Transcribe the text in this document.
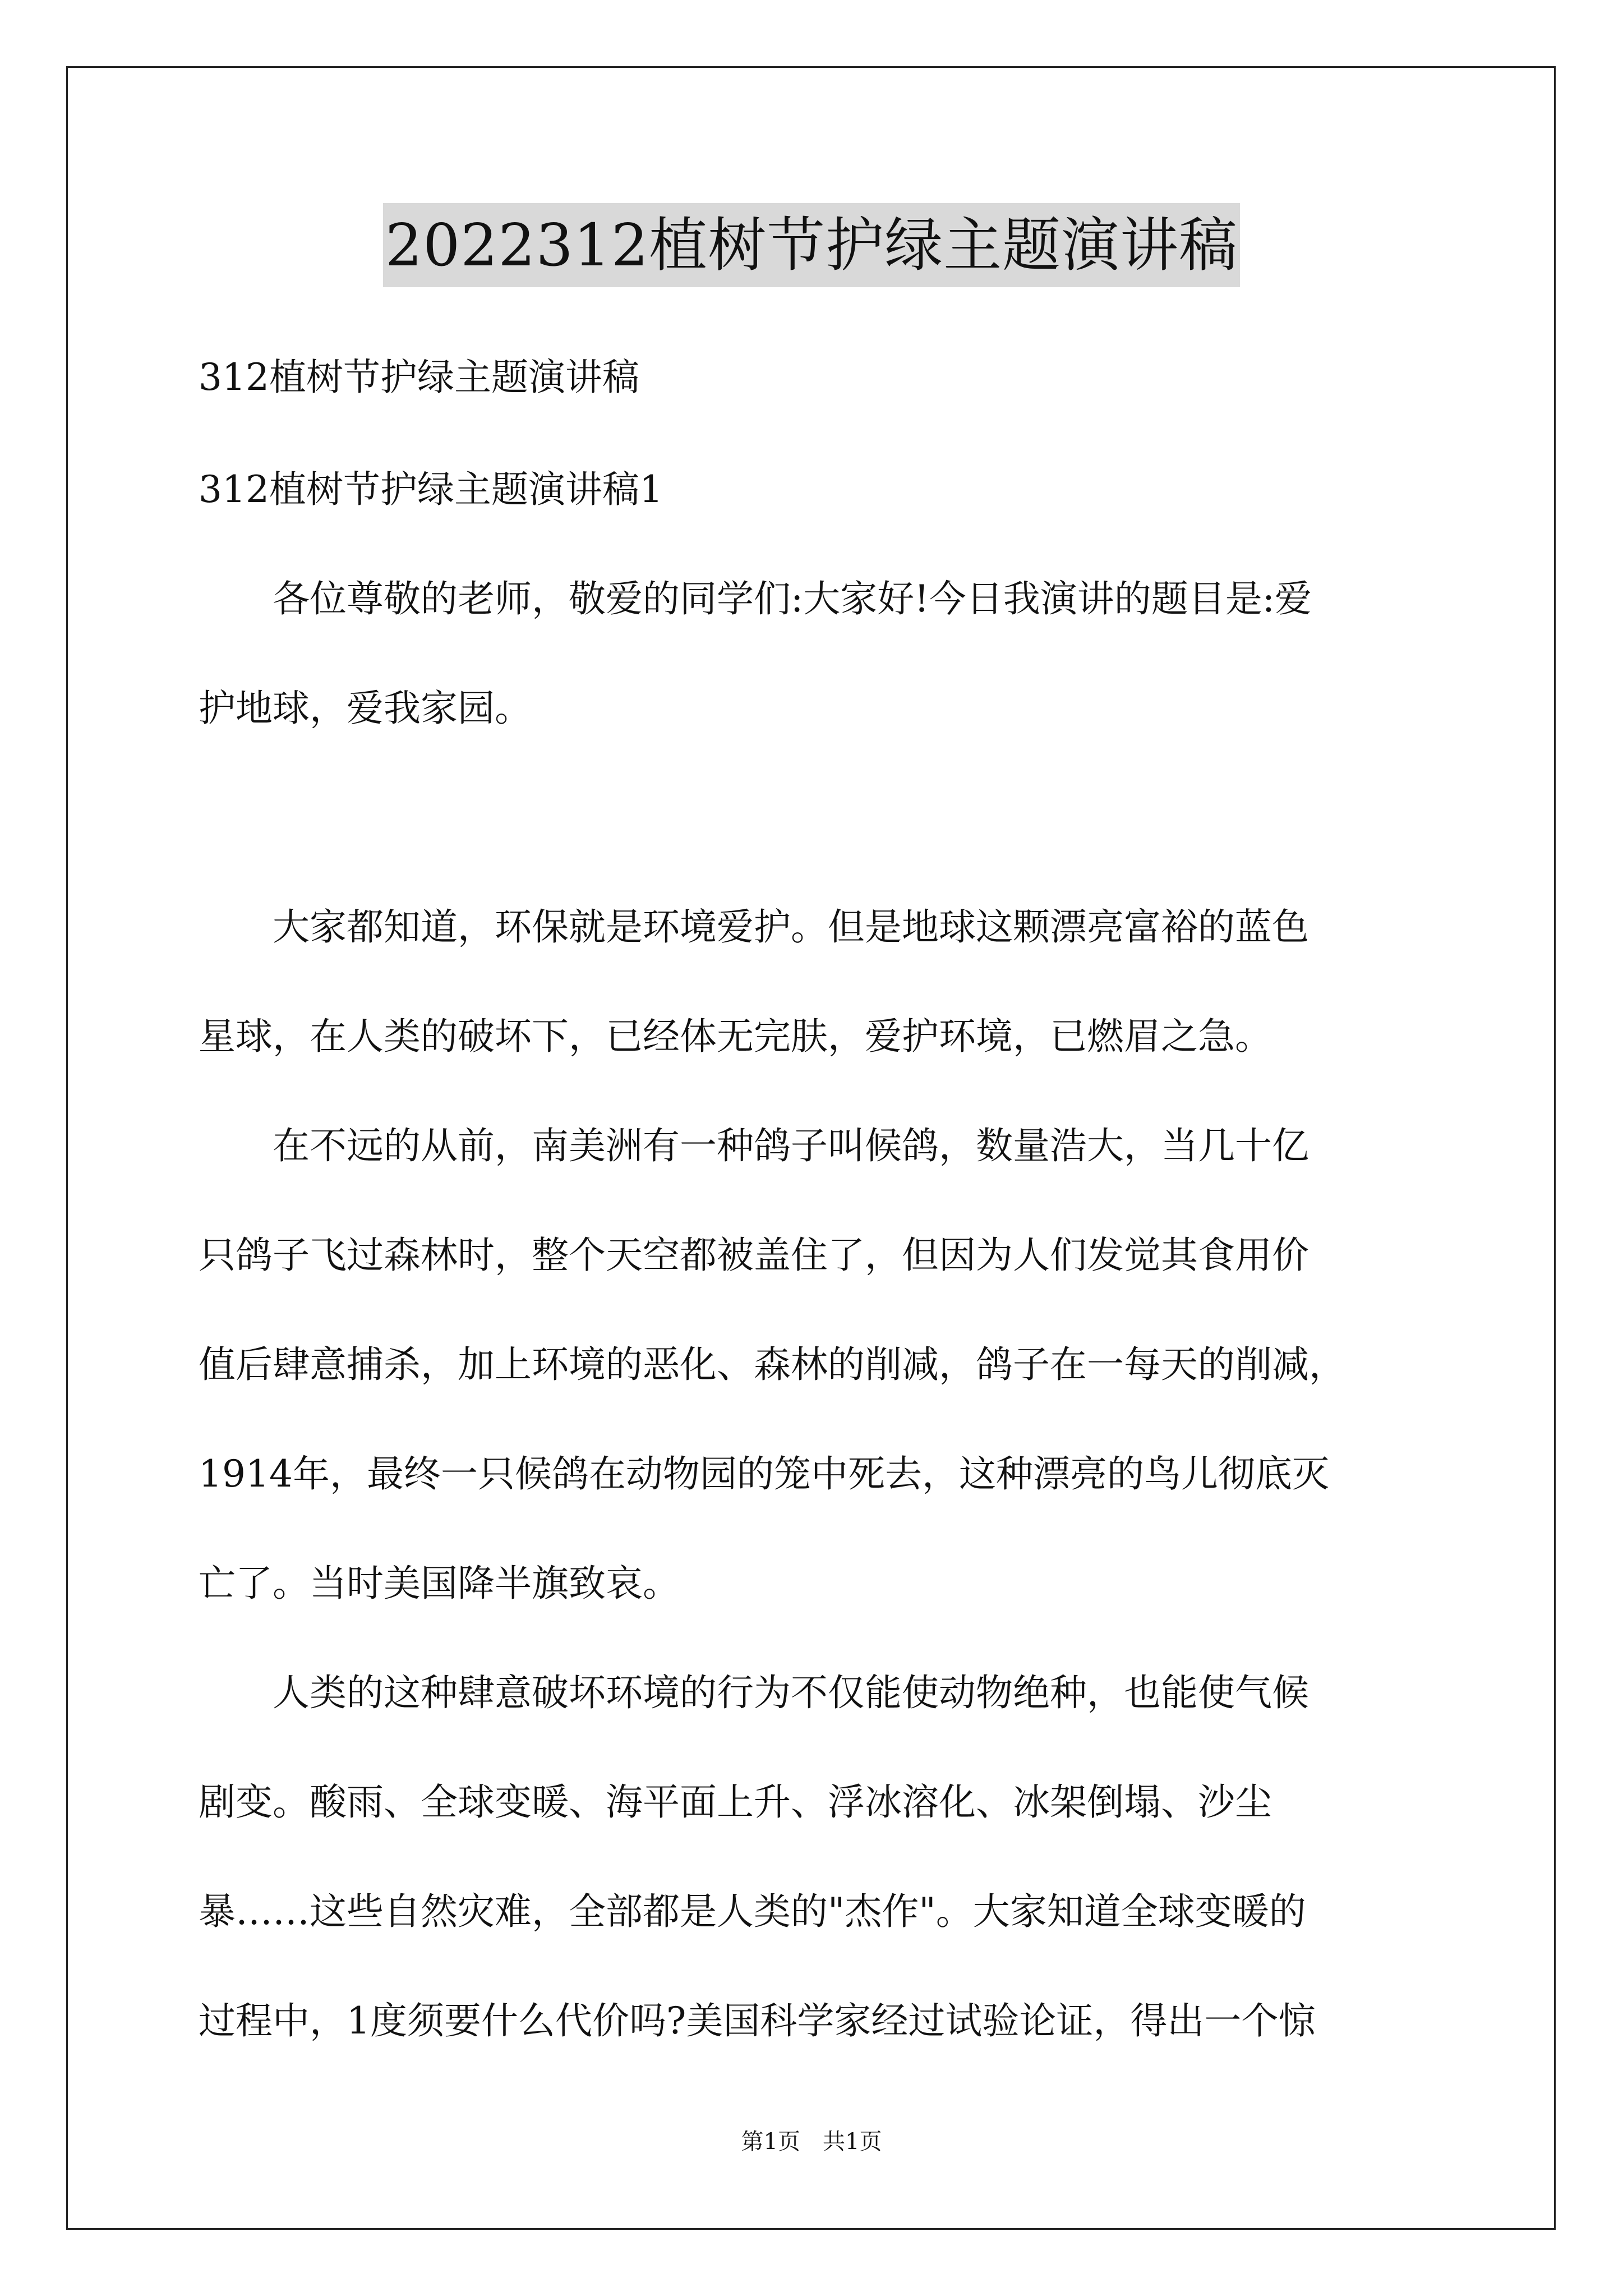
2022312植树节护绿主题演讲稿
312植树节护绿主题演讲稿
312植树节护绿主题演讲稿1
　　各位尊敬的老师，敬爱的同学们:大家好!今日我演讲的题目是:爱
护地球，爱我家园。
　　大家都知道，环保就是环境爱护。但是地球这颗漂亮富裕的蓝色
星球，在人类的破坏下，已经体无完肤，爱护环境，已燃眉之急。
　　在不远的从前，南美洲有一种鸽子叫候鸽，数量浩大，当几十亿
只鸽子飞过森林时，整个天空都被盖住了，但因为人们发觉其食用价
值后肆意捕杀，加上环境的恶化、森林的削减，鸽子在一每天的削减，
1914年，最终一只候鸽在动物园的笼中死去，这种漂亮的鸟儿彻底灭
亡了。当时美国降半旗致哀。
　　人类的这种肆意破坏环境的行为不仅能使动物绝种，也能使气候
剧变。酸雨、全球变暖、海平面上升、浮冰溶化、冰架倒塌、沙尘
暴……这些自然灾难，全部都是人类的"杰作"。大家知道全球变暖的
过程中，1度须要什么代价吗?美国科学家经过试验论证，得出一个惊
第1页　共1页
